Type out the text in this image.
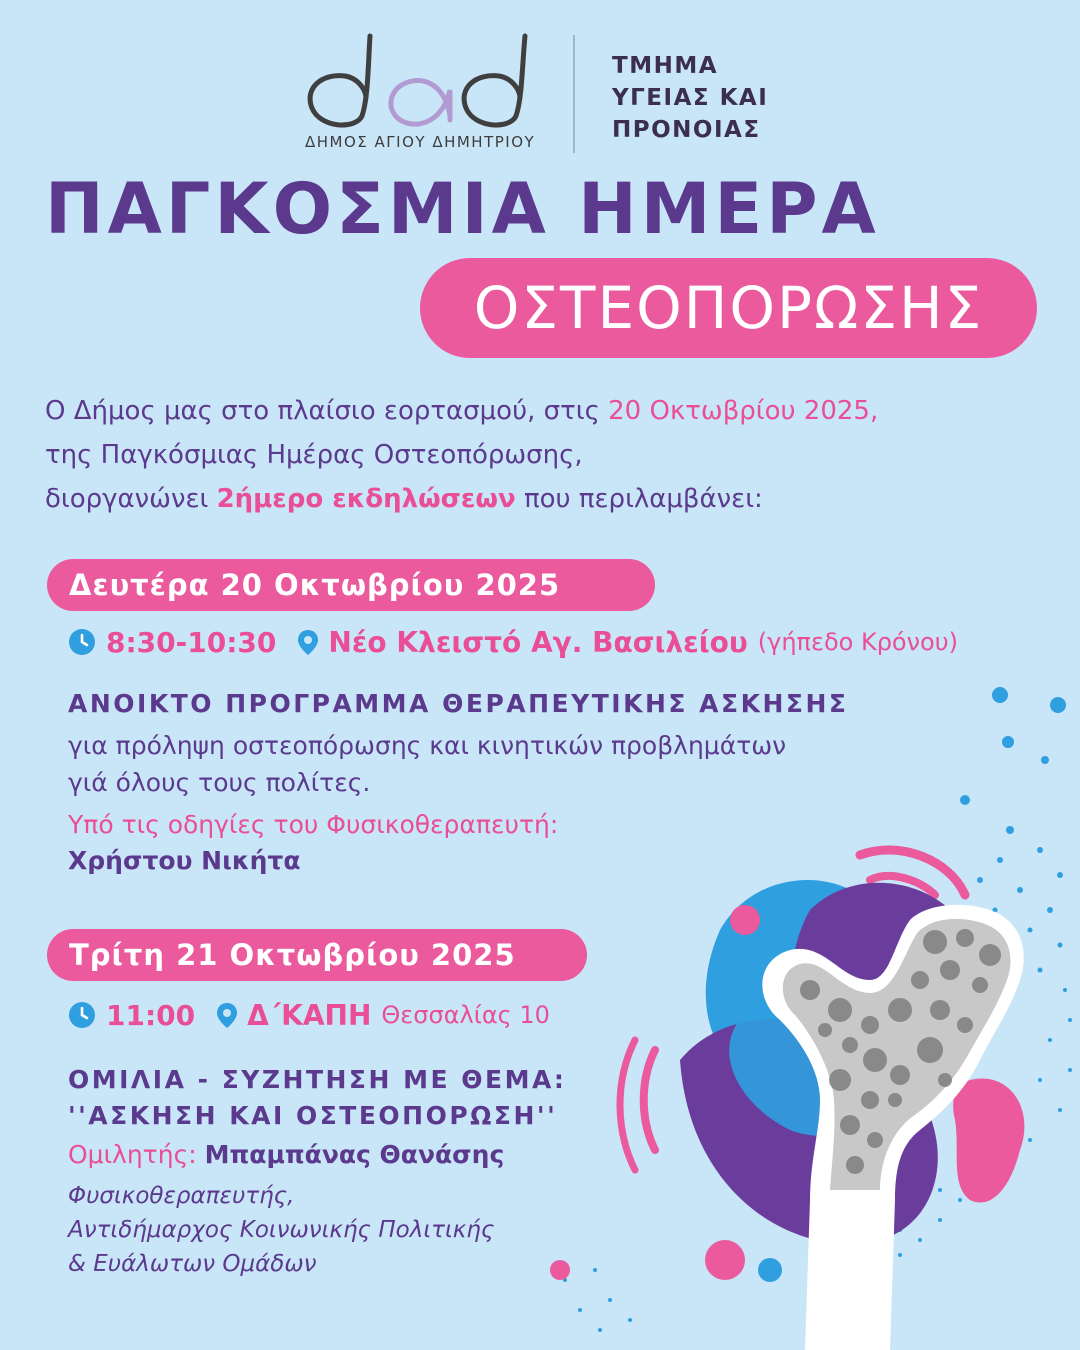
ΔΗΜΟΣ ΑΓΙΟΥ ΔΗΜΗΤΡΙΟΥ
ΤΜΗΜΑ
ΥΓΕΙΑΣ ΚΑΙ
ΠΡΟΝΟΙΑΣ
ΠΑΓΚΟΣΜΙΑ ΗΜΕΡΑ
ΟΣΤΕΟΠΟΡΩΣΗΣ
Ο Δήμος μας στο πλαίσιο εορτασμού, στις 20 Οκτωβρίου 2025,
της Παγκόσμιας Ημέρας Οστεοπόρωσης,
διοργανώνει 2ήμερο εκδηλώσεων που περιλαμβάνει:
Δευτέρα 20 Οκτωβρίου 2025
8:30-10:30 Νέο Κλειστό Αγ. Βασιλείου (γήπεδο Κρόνου)
ΑΝΟΙΚΤΟ ΠΡΟΓΡΑΜΜΑ ΘΕΡΑΠΕΥΤΙΚΗΣ ΑΣΚΗΣΗΣ
για πρόληψη οστεοπόρωσης και κινητικών προβλημάτων
γιά όλους τους πολίτες.
Υπό τις οδηγίες του Φυσικοθεραπευτή:
Χρήστου Νικήτα
Τρίτη 21 Οκτωβρίου 2025
11:00 Δ΄ΚΑΠΗ Θεσσαλίας 10
ΟΜΙΛΙΑ - ΣΥΖΗΤΗΣΗ ΜΕ ΘΕΜΑ:
''ΑΣΚΗΣΗ ΚΑΙ ΟΣΤΕΟΠΟΡΩΣΗ''
Ομιλητής: Μπαμπάνας Θανάσης
Φυσικοθεραπευτής,
Αντιδήμαρχος Κοινωνικής Πολιτικής
& Ευάλωτων Ομάδων
